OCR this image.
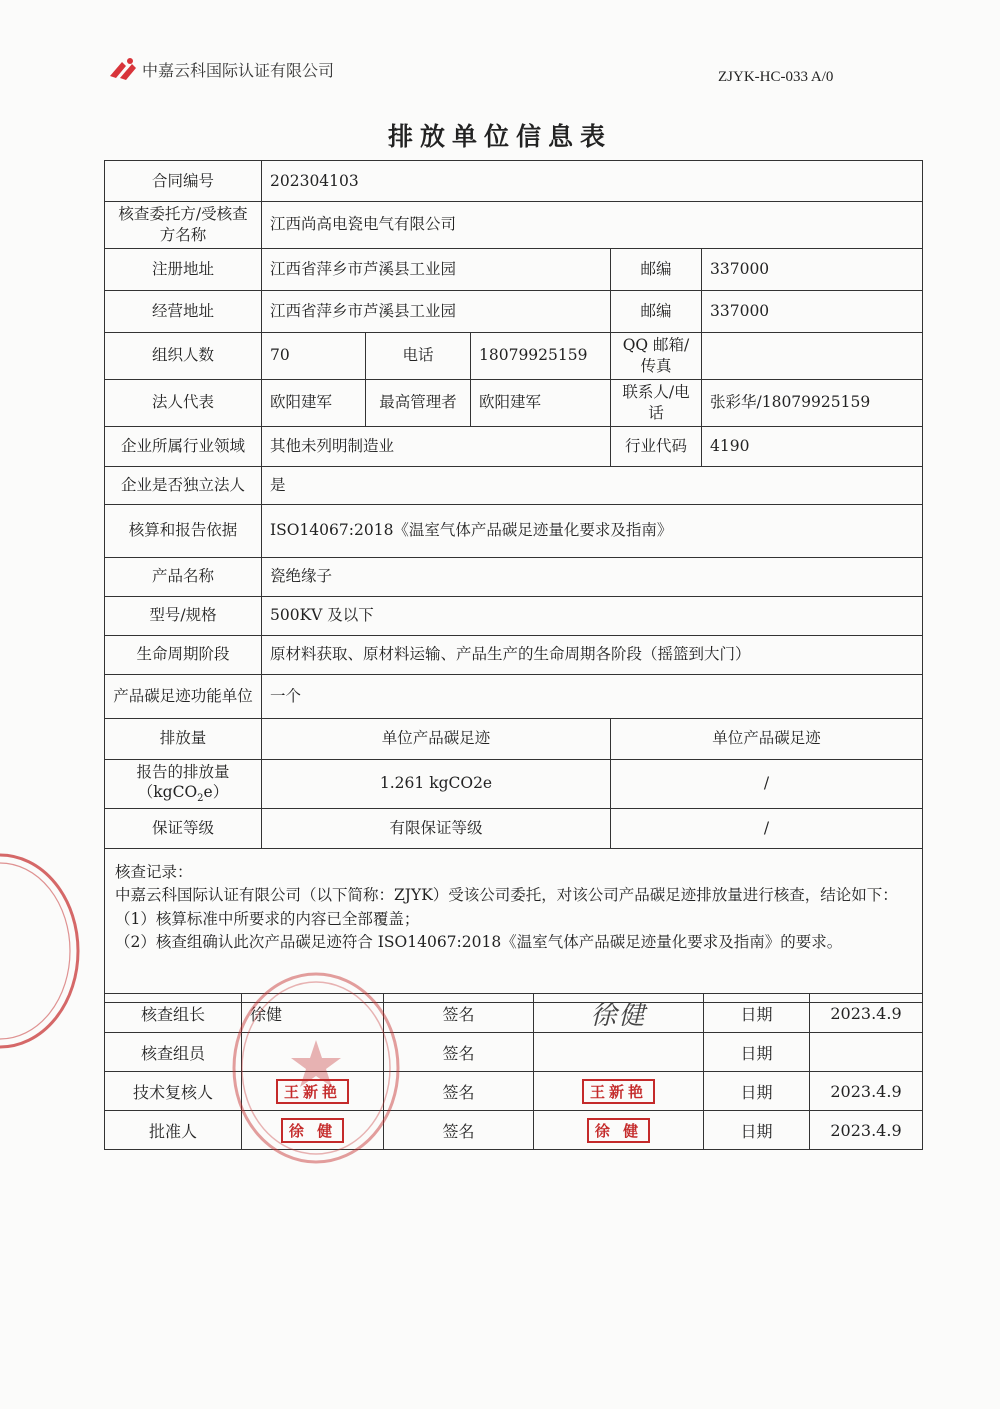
中嘉云科国际认证有限公司	ZJYK-HC-033 A/0
排放单位信息表
合同编号	202304103				
核查委托方/受核查方名称	江西尚高电瓷电气有限公司				
注册地址	江西省萍乡市芦溪县工业园			邮编	337000
经营地址	江西省萍乡市芦溪县工业园			邮编	337000
组织人数	70	电话	18079925159	QQ 邮箱/传真	
法人代表	欧阳建军	最高管理者	欧阳建军	联系人/电话	张彩华/18079925159
企业所属行业领域	其他未列明制造业			行业代码	4190
企业是否独立法人	是				
核算和报告依据	ISO14067:2018《温室气体产品碳足迹量化要求及指南》				
产品名称	瓷绝缘子				
型号/规格	500KV 及以下				
生命周期阶段	原材料获取、原材料运输、产品生产的生命周期各阶段（摇篮到大门）				
产品碳足迹功能单位	一个				
排放量	单位产品碳足迹			单位产品碳足迹	

报告的排放量
（kgCO$_2$e）	1.261 kgCO2e			/	
保证等级	有限保证等级			/	

核查记录：
中嘉云科国际认证有限公司（以下简称：ZJYK）受该公司委托，对该公司产品碳足迹排放量进行核查，结论如下：
（1）核算标准中所要求的内容已全部覆盖；
（2）核查组确认此次产品碳足迹符合 ISO14067:2018《温室气体产品碳足迹量化要求及指南》的要求。					
核查组长	徐健	签名	徐健	日期	2023.4.9
核查组员		签名		日期	
技术复核人	王新艳	签名	王新艳	日期	2023.4.9
批准人	徐 健	签名	徐 健	日期	2023.4.9
